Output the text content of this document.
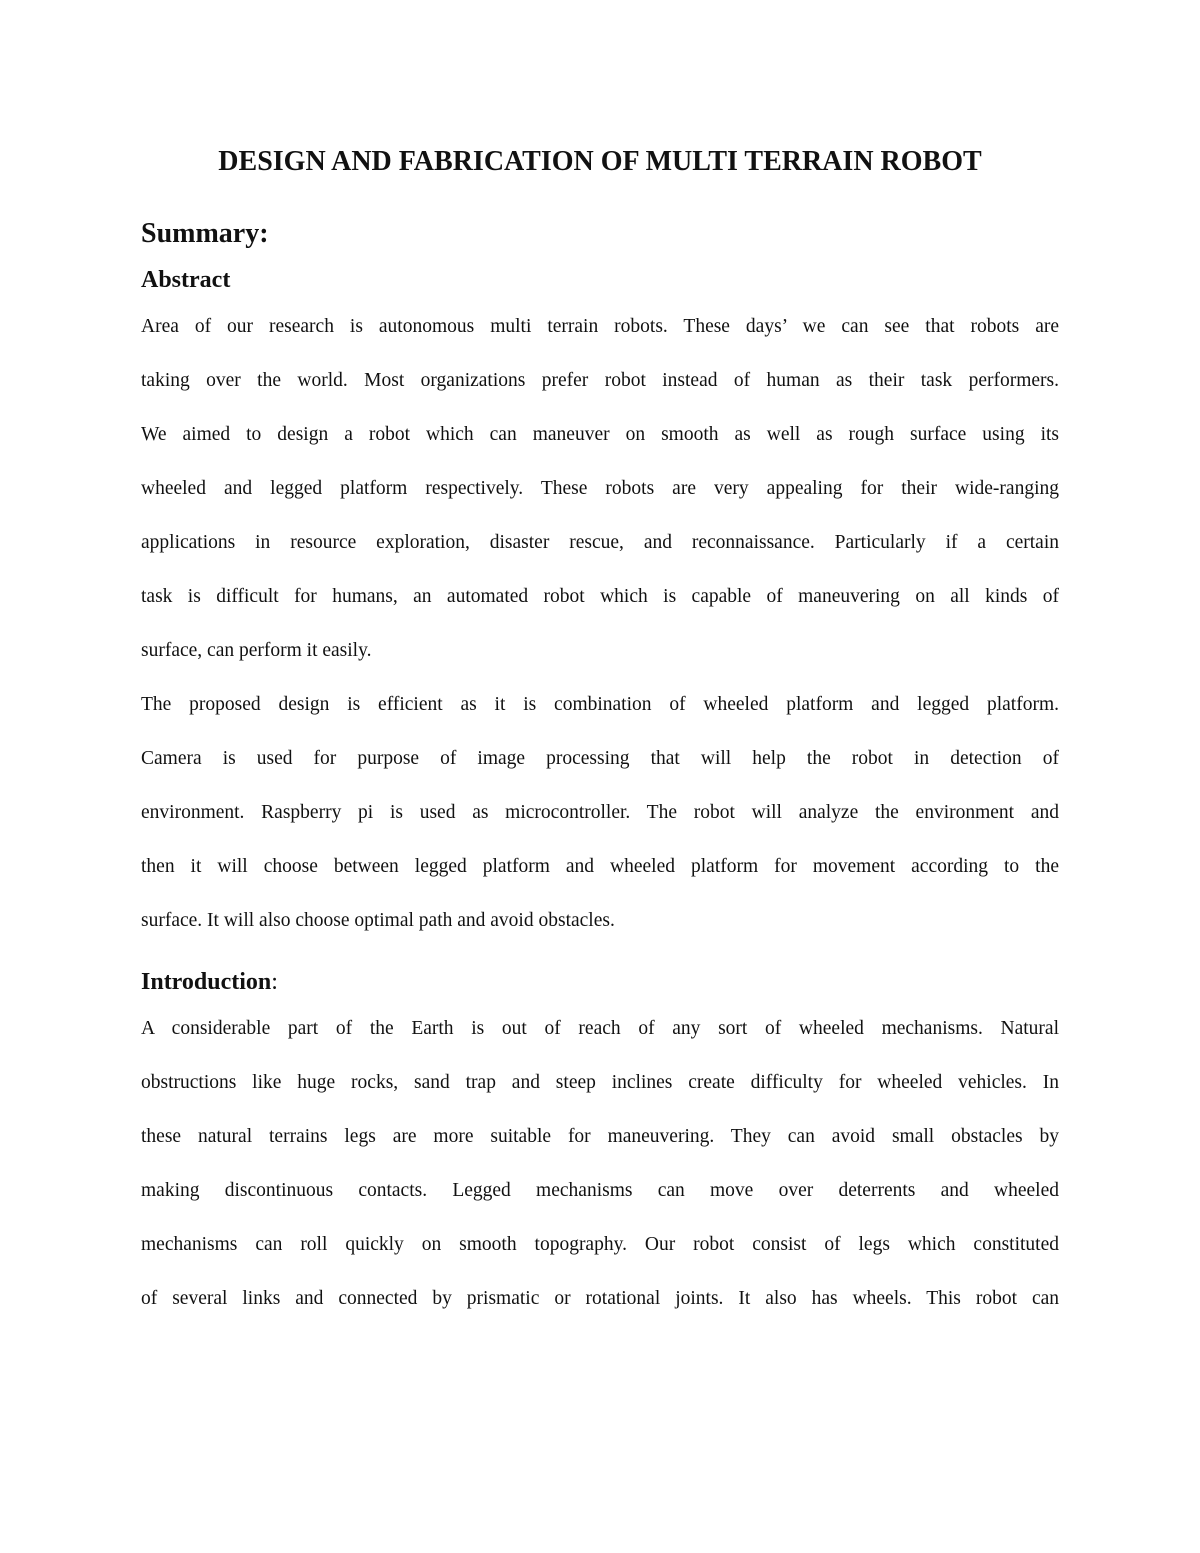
DESIGN AND FABRICATION OF MULTI TERRAIN ROBOT
Summary:
Abstract

Area of our research is autonomous multi terrain robots. These days’ we can see that robots are
taking over the world. Most organizations prefer robot instead of human as their task performers.
We aimed to design a robot which can maneuver on smooth as well as rough surface using its
wheeled and legged platform respectively. These robots are very appealing for their wide-ranging
applications in resource exploration, disaster rescue, and reconnaissance. Particularly if a certain
task is difficult for humans, an automated robot which is capable of maneuvering on all kinds of
surface, can perform it easily.

The proposed design is efficient as it is combination of wheeled platform and legged platform.
Camera is used for purpose of image processing that will help the robot in detection of
environment. Raspberry pi is used as microcontroller. The robot will analyze the environment and
then it will choose between legged platform and wheeled platform for movement according to the
surface. It will also choose optimal path and avoid obstacles.

Introduction:

A considerable part of the Earth is out of reach of any sort of wheeled mechanisms. Natural
obstructions like huge rocks, sand trap and steep inclines create difficulty for wheeled vehicles. In
these natural terrains legs are more suitable for maneuvering. They can avoid small obstacles by
making discontinuous contacts. Legged mechanisms can move over deterrents and wheeled
mechanisms can roll quickly on smooth topography. Our robot consist of legs which constituted
of several links and connected by prismatic or rotational joints. It also has wheels. This robot can
